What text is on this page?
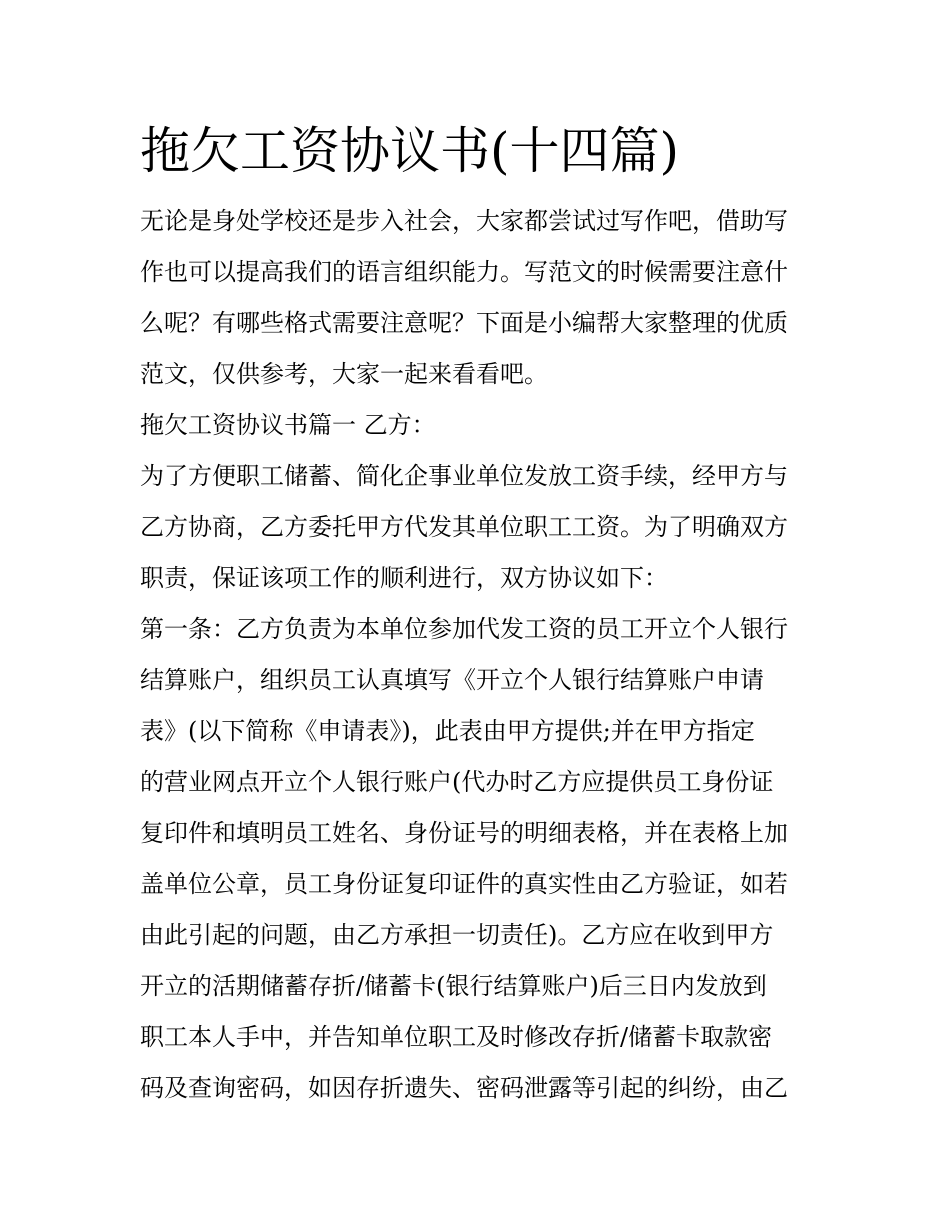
拖欠工资协议书(十四篇)

无论是身处学校还是步入社会，大家都尝试过写作吧，借助写

作也可以提高我们的语言组织能力。写范文的时候需要注意什

么呢？有哪些格式需要注意呢？下面是小编帮大家整理的优质

范文，仅供参考，大家一起来看看吧。

拖欠工资协议书篇一 乙方：

为了方便职工储蓄、简化企事业单位发放工资手续，经甲方与

乙方协商，乙方委托甲方代发其单位职工工资。为了明确双方

职责，保证该项工作的顺利进行，双方协议如下：

第一条：乙方负责为本单位参加代发工资的员工开立个人银行

结算账户，组织员工认真填写《开立个人银行结算账户申请

表》(以下简称《申请表》)，此表由甲方提供;并在甲方指定

的营业网点开立个人银行账户(代办时乙方应提供员工身份证

复印件和填明员工姓名、身份证号的明细表格，并在表格上加

盖单位公章，员工身份证复印证件的真实性由乙方验证，如若

由此引起的问题，由乙方承担一切责任)。乙方应在收到甲方

开立的活期储蓄存折/储蓄卡(银行结算账户)后三日内发放到

职工本人手中，并告知单位职工及时修改存折/储蓄卡取款密

码及查询密码，如因存折遗失、密码泄露等引起的纠纷，由乙
